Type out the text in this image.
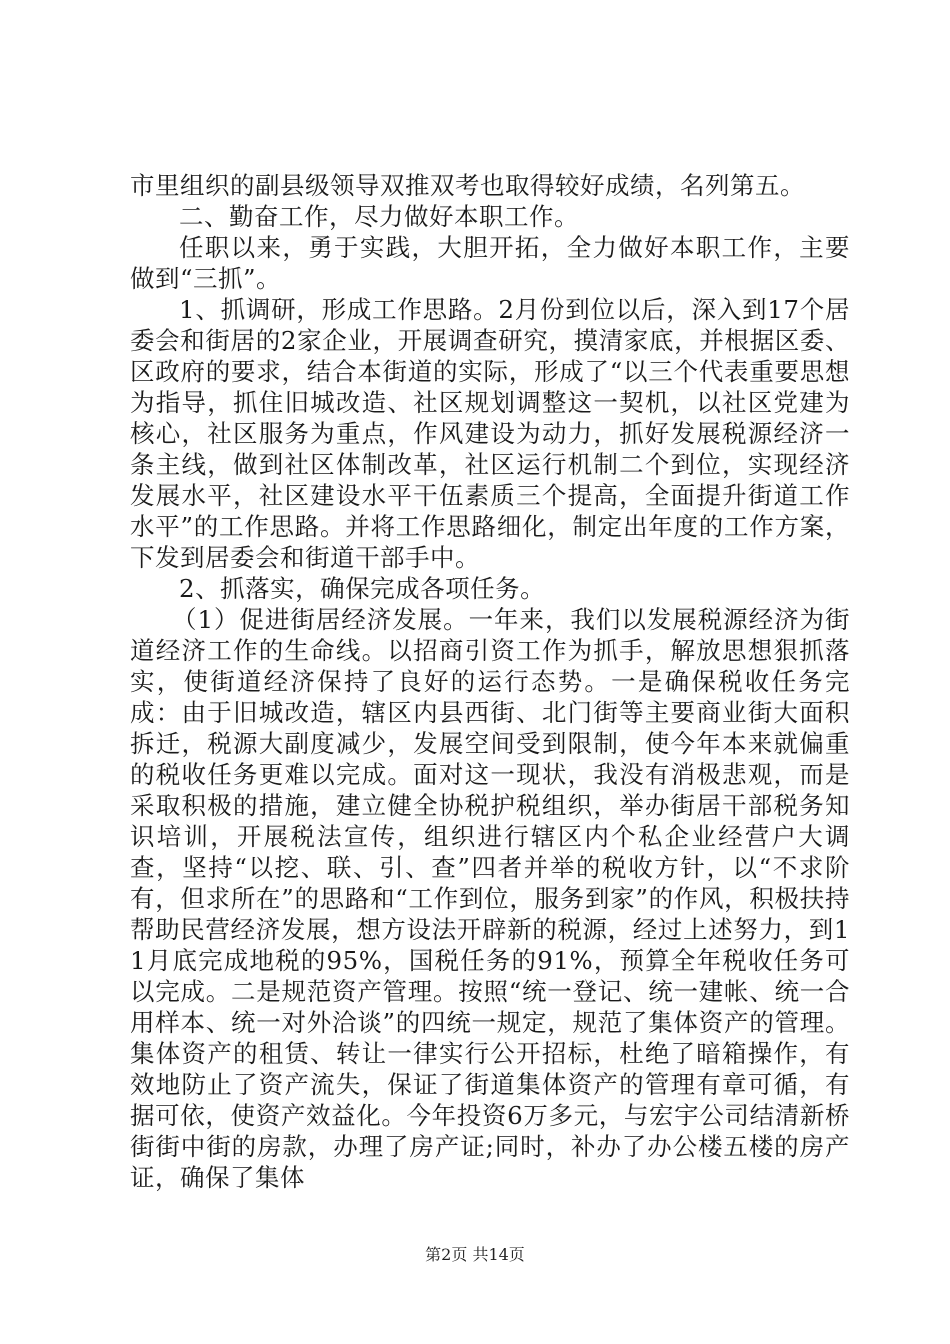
市里组织的副县级领导双推双考也取得较好成绩，名列第五。

二、勤奋工作，尽力做好本职工作。

任职以来，勇于实践，大胆开拓，全力做好本职工作，主要做到“三抓”。

1、抓调研，形成工作思路。2月份到位以后，深入到17个居委会和街居的2家企业，开展调查研究，摸清家底，并根据区委、区政府的要求，结合本街道的实际，形成了“以三个代表重要思想为指导，抓住旧城改造、社区规划调整这一契机，以社区党建为核心，社区服务为重点，作风建设为动力，抓好发展税源经济一条主线，做到社区体制改革，社区运行机制二个到位，实现经济发展水平，社区建设水平干伍素质三个提高，全面提升街道工作水平”的工作思路。并将工作思路细化，制定出年度的工作方案，下发到居委会和街道干部手中。

2、抓落实，确保完成各项任务。

（1）促进街居经济发展。一年来，我们以发展税源经济为街道经济工作的生命线。以招商引资工作为抓手，解放思想狠抓落实，使街道经济保持了良好的运行态势。一是确保税收任务完成：由于旧城改造，辖区内县西街、北门街等主要商业街大面积拆迁，税源大副度减少，发展空间受到限制，使今年本来就偏重的税收任务更难以完成。面对这一现状，我没有消极悲观，而是采取积极的措施，建立健全协税护税组织，举办街居干部税务知识培训，开展税法宣传，组织进行辖区内个私企业经营户大调查，坚持“以挖、联、引、查”四者并举的税收方针，以“不求阶有，但求所在”的思路和“工作到位，服务到家”的作风，积极扶持帮助民营经济发展，想方设法开辟新的税源，经过上述努力，到11月底完成地税的95%，国税任务的91%，预算全年税收任务可以完成。二是规范资产管理。按照“统一登记、统一建帐、统一合用样本、统一对外洽谈”的四统一规定，规范了集体资产的管理。集体资产的租赁、转让一律实行公开招标，杜绝了暗箱操作，有效地防止了资产流失，保证了街道集体资产的管理有章可循，有据可依，使资产效益化。今年投资6万多元，与宏宇公司结清新桥街街中街的房款，办理了房产证;同时，补办了办公楼五楼的房产证，确保了集体

第2页 共14页
